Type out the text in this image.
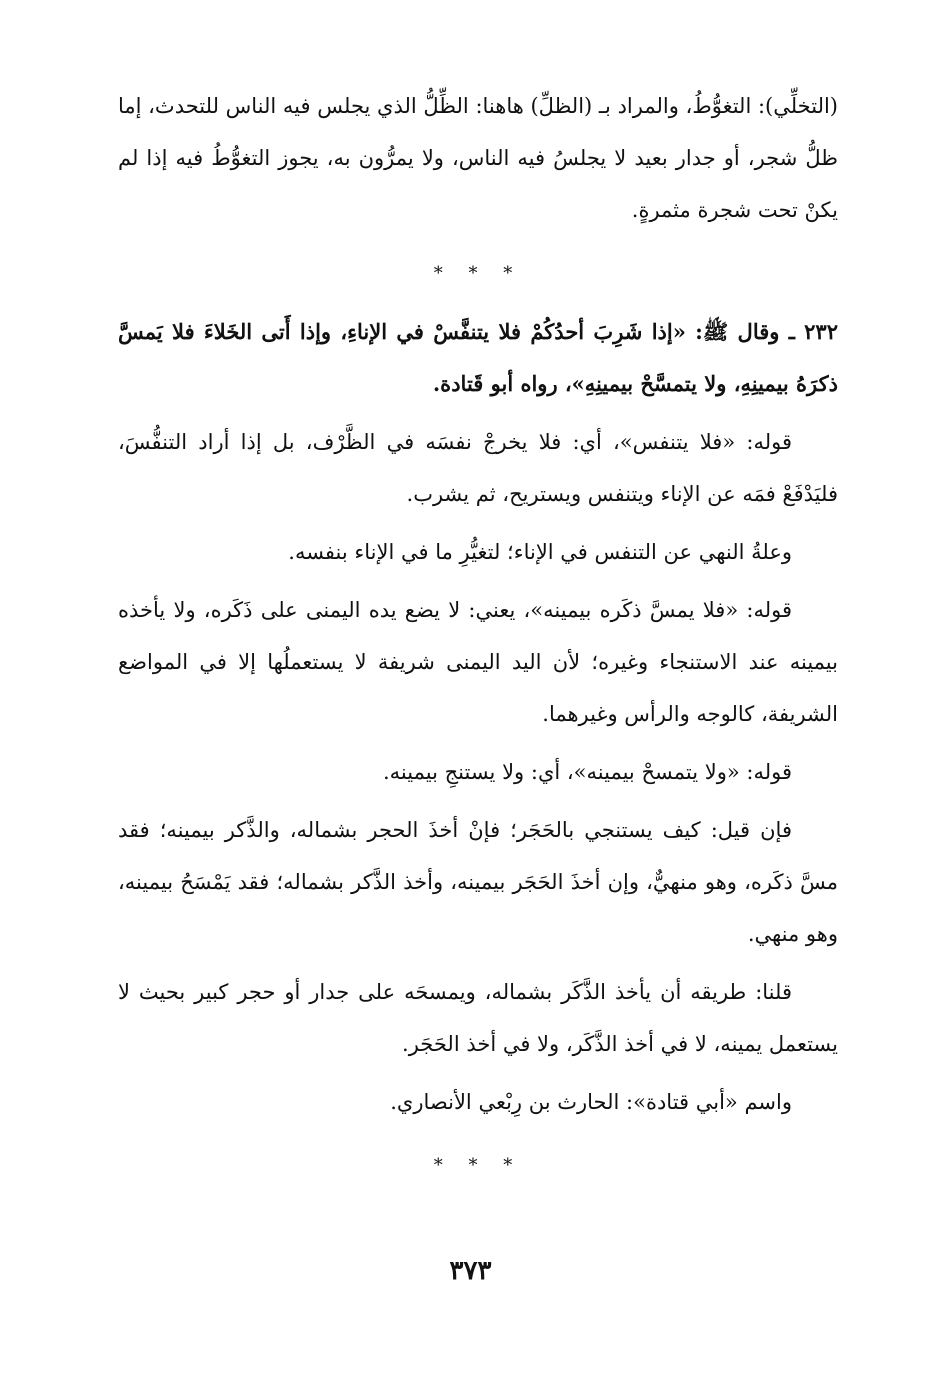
(التخلِّي): التغوُّطُ، والمراد بـ (الظلِّ) هاهنا: الظِّلُّ الذي يجلس فيه الناس للتحدث، إما ظلُّ شجر، أو جدار بعيد لا يجلسُ فيه الناس، ولا يمرُّون به، يجوز التغوُّطُ فيه إذا لم يكنْ تحت شجرة مثمرةٍ.

* * *

٢٣٢ ـ وقال ﷺ: «إذا شَرِبَ أحدُكُمْ فلا يتنفَّسْ في الإناءِ، وإذا أَتى الخَلاءَ فلا يَمسَّ ذكرَهُ بيمينِهِ، ولا يتمسَّحْ بيمينِهِ»، رواه أبو قَتادة.

قوله: «فلا يتنفس»، أي: فلا يخرجْ نفسَه في الظَّرْف، بل إذا أراد التنفُّسَ، فليَدْفَعْ فمَه عن الإناء ويتنفس ويستريح، ثم يشرب.

وعلةُ النهي عن التنفس في الإناء؛ لتغيُّرِ ما في الإناء بنفسه.

قوله: «فلا يمسَّ ذكَره بيمينه»، يعني: لا يضع يده اليمنى على ذَكَره، ولا يأخذه بيمينه عند الاستنجاء وغيره؛ لأن اليد اليمنى شريفة لا يستعملُها إلا في المواضع الشريفة، كالوجه والرأس وغيرهما.

قوله: «ولا يتمسحْ بيمينه»، أي: ولا يستنجِ بيمينه.

فإن قيل: كيف يستنجي بالحَجَر؛ فإنْ أخذَ الحجر بشماله، والذَّكر بيمينه؛ فقد مسَّ ذكَره، وهو منهيٌّ، وإن أخذَ الحَجَر بيمينه، وأخذ الذَّكر بشماله؛ فقد يَمْسَحُ بيمينه، وهو منهي.

قلنا: طريقه أن يأخذ الذَّكَر بشماله، ويمسحَه على جدار أو حجر كبير بحيث لا يستعمل يمينه، لا في أخذ الذَّكَر، ولا في أخذ الحَجَر.

واسم «أبي قتادة»: الحارث بن رِبْعي الأنصاري.

* * *
٣٧٣
